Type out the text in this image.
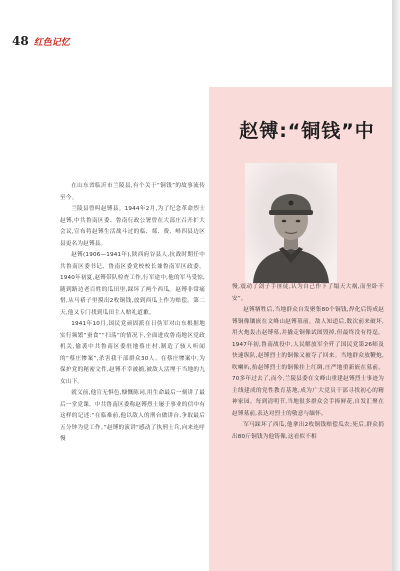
48 红色记忆
赵镈:“铜钱”中

在山东省临沂市兰陵县,有个关于“铜钱”的故事流传至今。

兰陵县曾叫赵镈县。1944年2月,为了纪念革命烈士赵镈,中共鲁南区委、鲁南行政公署曾在大部庄召开扩大会议,宣布将赵镈生活战斗过的临、郯、费、峄四县边区县更名为赵镈县。

赵镈(1906—1941年),陕西府谷县人,抗战时期任中共鲁南区委书记、鲁南区委党校校长兼鲁南军区政委。1940年初夏,赵镈带队检查工作,行军途中,他的军马受惊,随到路边老百姓的瓜田里,踩坏了两个西瓜。赵镈非常痛惜,从马褡子里摸出2枚铜钱,放到西瓜上作为赔偿。第二天,他又专门找到瓜田主人赔礼道歉。

1941年10月,国民党顽固派在日伪军对山东根据地实行频繁“蚕食”“扫荡”的情况下,全面进攻鲁南地区党政机关,偷袭中共鲁南区委驻地蔡庄村,制造了骇人听闻的“蔡庄惨案”,杀害我干部群众30人。在蔡庄惨案中,为保护党的秘密文件,赵镈不幸被捕,被敌人活埋于当地的九女山下。

就义前,他宣无惧色,慷慨陈词,用生命最后一刻讲了最后一堂党课。中共鲁南区委称赵镈烈士屡于事业的信中有这样的记述:“在临难前,他以敌人的刑台做讲台,争取最后五分钟为党工作。”赵镈的演讲“感动了执刑士兵,向来连呼慢

慢,震动了刽子手匪徒,认为自己作下了塌天大祸,而坐卧不安”。

赵镈牺牲后,当地群众自发聚集80个铜钱,焊化后铸成赵镈铜像镶嵌在文峰山赵镈墓前。敌人知道后,数次前来破坏,用火炮轰击赵镈墓,并撬走铜像试图毁掉,但最终没有得逞。1947年初,鲁南战役中,人民解放军全歼了国民党第26师及快速纵队,赵镈烈士的铜像又被夺了回来。当地群众放鞭炮,吹喇叭,抬赵镈烈士的铜像挂上红绸,庄严地重新嵌在墓前。70多年过去了,而今,兰陵县委在文峰山重建赵镈烈士事迹为主线建成的党性教育基地,成为广大党员干部寻找初心的精神家园。每到清明节,当地很多群众会手捧鲜花,自发汇聚在赵镈墓前,表达对烈士的敬意与缅怀。

军马踩坏了西瓜,他拿出2枚铜钱赔偿瓜农;死后,群众捐出80斤铜钱为他铸像,这看似不相
